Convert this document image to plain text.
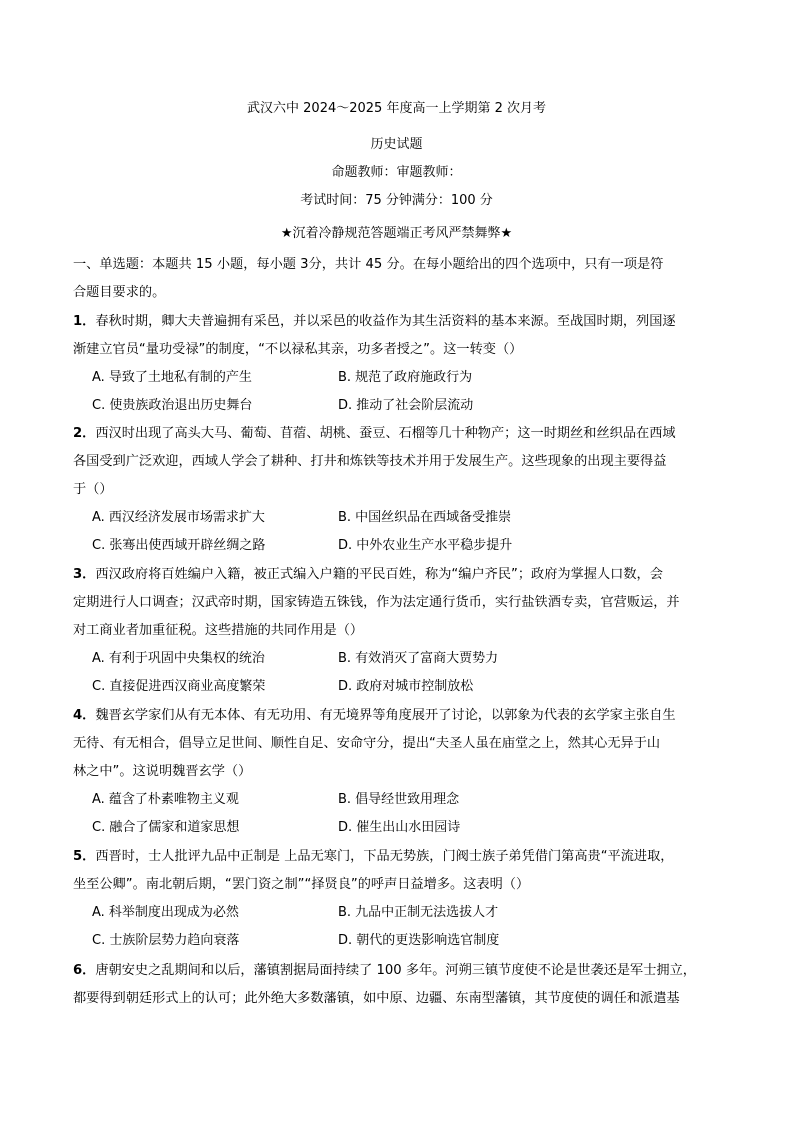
武汉六中 2024～2025 年度高一上学期第 2 次月考
历史试题
命题教师：审题教师：
考试时间：75 分钟满分：100 分
★沉着冷静规范答题端正考风严禁舞弊★
一、单选题：本题共 15 小题，每小题 3分，共计 45 分。在每小题给出的四个选项中，只有一项是符
合题目要求的。
1．春秋时期，卿大夫普遍拥有采邑，并以采邑的收益作为其生活资料的基本来源。至战国时期，列国逐
渐建立官员“量功受禄”的制度，“不以禄私其亲，功多者授之”。这一转变（）
A. 导致了土地私有制的产生	B. 规范了政府施政行为
C. 使贵族政治退出历史舞台	D. 推动了社会阶层流动
2．西汉时出现了高头大马、葡萄、苜蓿、胡桃、蚕豆、石榴等几十种物产；这一时期丝和丝织品在西域
各国受到广泛欢迎，西域人学会了耕种、打井和炼铁等技术并用于发展生产。这些现象的出现主要得益
于（）
A. 西汉经济发展市场需求扩大	B. 中国丝织品在西域备受推崇
C. 张骞出使西域开辟丝绸之路	D. 中外农业生产水平稳步提升
3．西汉政府将百姓编户入籍，被正式编入户籍的平民百姓，称为“编户齐民”；政府为掌握人口数，会
定期进行人口调查；汉武帝时期，国家铸造五铢钱，作为法定通行货币，实行盐铁酒专卖，官营贩运，并
对工商业者加重征税。这些措施的共同作用是（）
A. 有利于巩固中央集权的统治	B. 有效消灭了富商大贾势力
C. 直接促进西汉商业高度繁荣	D. 政府对城市控制放松
4．魏晋玄学家们从有无本体、有无功用、有无境界等角度展开了讨论，以郭象为代表的玄学家主张自生
无待、有无相合，倡导立足世间、顺性自足、安命守分，提出“夫圣人虽在庙堂之上，然其心无异于山
林之中”。这说明魏晋玄学（）
A. 蕴含了朴素唯物主义观	B. 倡导经世致用理念
C. 融合了儒家和道家思想	D. 催生出山水田园诗
5．西晋时，士人批评九品中正制是 上品无寒门，下品无势族，门阀士族子弟凭借门第高贵“平流进取，
坐至公卿”。南北朝后期，“罢门资之制”“择贤良”的呼声日益增多。这表明（）
A. 科举制度出现成为必然	B. 九品中正制无法选拔人才
C. 士族阶层势力趋向衰落	D. 朝代的更迭影响选官制度
6．唐朝安史之乱期间和以后，藩镇割据局面持续了 100 多年。河朔三镇节度使不论是世袭还是军士拥立，
都要得到朝廷形式上的认可；此外绝大多数藩镇，如中原、边疆、东南型藩镇，其节度使的调任和派遣基
